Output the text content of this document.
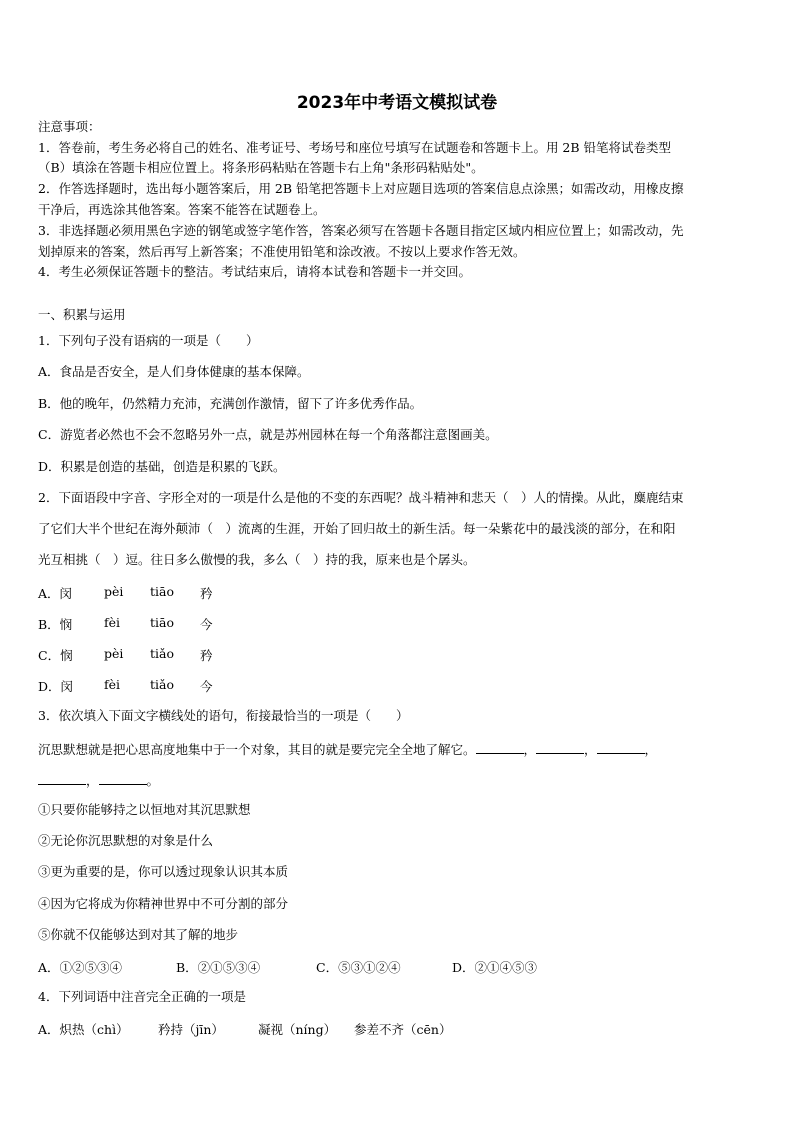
2023年中考语文模拟试卷
注意事项：
1．答卷前，考生务必将自己的姓名、准考证号、考场号和座位号填写在试题卷和答题卡上。用 2B 铅笔将试卷类型
（B）填涂在答题卡相应位置上。将条形码粘贴在答题卡右上角"条形码粘贴处"。
2．作答选择题时，选出每小题答案后，用 2B 铅笔把答题卡上对应题目选项的答案信息点涂黑；如需改动，用橡皮擦
干净后，再选涂其他答案。答案不能答在试题卷上。
3．非选择题必须用黑色字迹的钢笔或签字笔作答，答案必须写在答题卡各题目指定区域内相应位置上；如需改动，先
划掉原来的答案，然后再写上新答案；不准使用铅笔和涂改液。不按以上要求作答无效。
4．考生必须保证答题卡的整洁。考试结束后，请将本试卷和答题卡一并交回。
一、积累与运用
1．下列句子没有语病的一项是（　　）
A．食品是否安全，是人们身体健康的基本保障。
B．他的晚年，仍然精力充沛，充满创作激情，留下了许多优秀作品。
C．游览者必然也不会不忽略另外一点，就是苏州园林在每一个角落都注意图画美。
D．积累是创造的基础，创造是积累的飞跃。
2．下面语段中字音、字形全对的一项是什么是他的不变的东西呢？战斗精神和悲天（　）人的情操。从此，麋鹿结束
了它们大半个世纪在海外颠沛（　）流离的生涯，开始了回归故土的新生活。每一朵紫花中的最浅淡的部分，在和阳
光互相挑（　）逗。往日多么傲慢的我，多么（　）持的我，原来也是个孱头。
A．闵	pèi tiāo 矜
B．悯	fèi tiāo 今
C．悯	pèi tiǎo 矜
D．闵 fèi tiǎo 今
3．依次填入下面文字横线处的语句，衔接最恰当的一项是（　　）
沉思默想就是把心思高度地集中于一个对象，其目的就是要完完全全地了解它。	，	，	，
，	。
①只要你能够持之以恒地对其沉思默想
②无论你沉思默想的对象是什么
③更为重要的是，你可以透过现象认识其本质
④因为它将成为你精神世界中不可分割的部分
⑤你就不仅能够达到对其了解的地步
A．①②⑤③④	B．②①⑤③④	C．⑤③①②④	D．②①④⑤③
4．下列词语中注音完全正确的一项是
A．炽热（chì） 矜持（jīn）	凝视（níng） 参差不齐（cēn）
